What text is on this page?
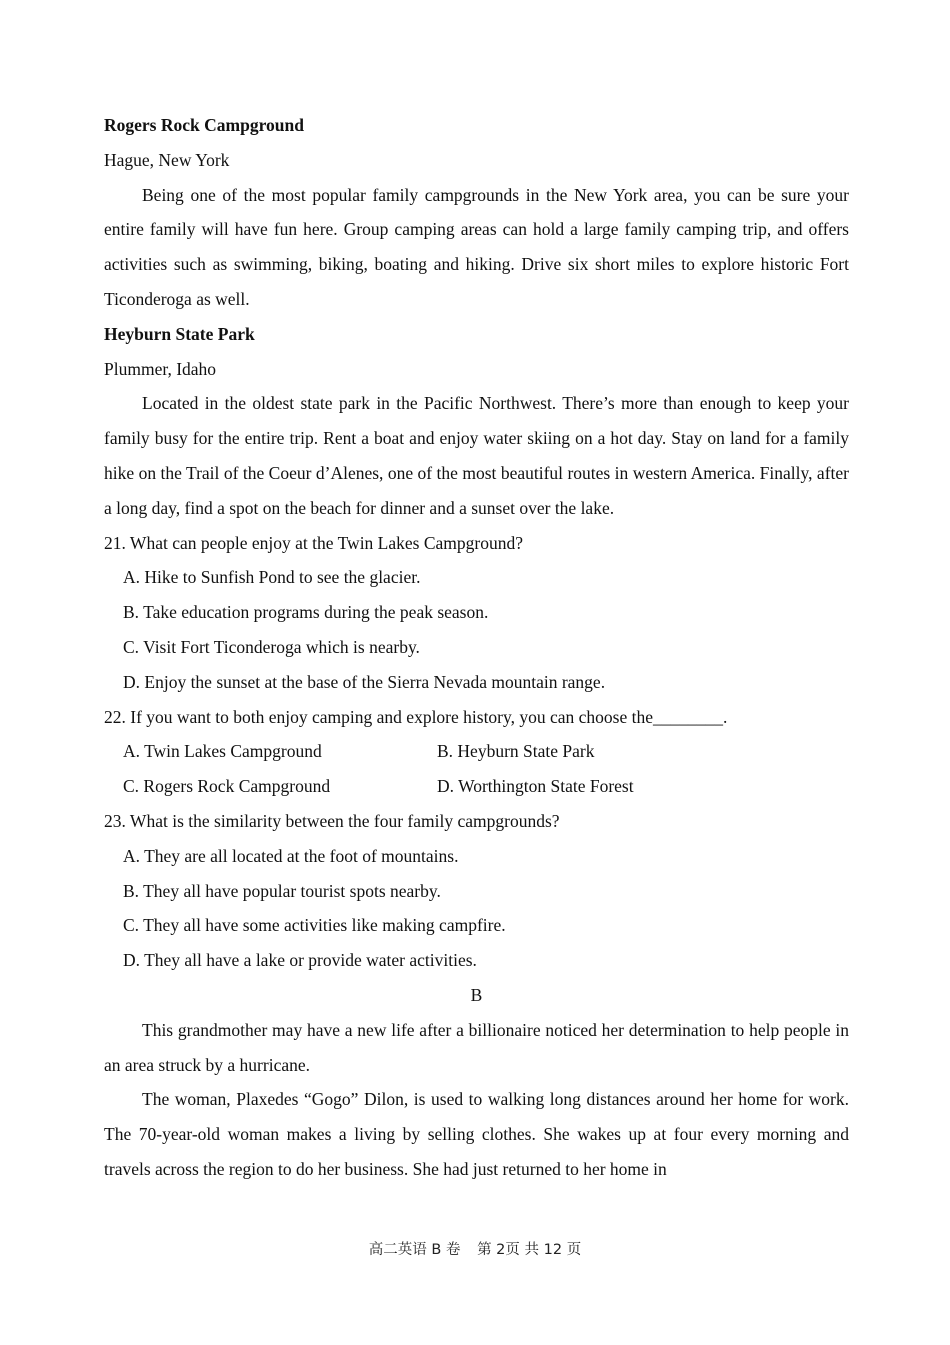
Rogers Rock Campground
Hague, New York

Being one of the most popular family campgrounds in the New York area, you can be sure your entire family will have fun here. Group camping areas can hold a large family camping trip, and offers activities such as swimming, biking, boating and hiking. Drive six short miles to explore historic Fort Ticonderoga as well.

Heyburn State Park
Plummer, Idaho

Located in the oldest state park in the Pacific Northwest. There’s more than enough to keep your family busy for the entire trip. Rent a boat and enjoy water skiing on a hot day. Stay on land for a family hike on the Trail of the Coeur d’Alenes, one of the most beautiful routes in western America. Finally, after a long day, find a spot on the beach for dinner and a sunset over the lake.

21. What can people enjoy at the Twin Lakes Campground?
A. Hike to Sunfish Pond to see the glacier.
B. Take education programs during the peak season.
C. Visit Fort Ticonderoga which is nearby.
D. Enjoy the sunset at the base of the Sierra Nevada mountain range.
22. If you want to both enjoy camping and explore history, you can choose the________.
A. Twin Lakes Campground	B. Heyburn State Park
C. Rogers Rock Campground	D. Worthington State Forest
23. What is the similarity between the four family campgrounds?
A. They are all located at the foot of mountains.
B. They all have popular tourist spots nearby.
C. They all have some activities like making campfire.
D. They all have a lake or provide water activities.
B

This grandmother may have a new life after a billionaire noticed her determination to help people in an area struck by a hurricane.

The woman, Plaxedes “Gogo” Dilon, is used to walking long distances around her home for work. The 70-year-old woman makes a living by selling clothes. She wakes up at four every morning and travels across the region to do her business. She had just returned to her home in

高二英语 B 卷 第 2页 共 12 页
